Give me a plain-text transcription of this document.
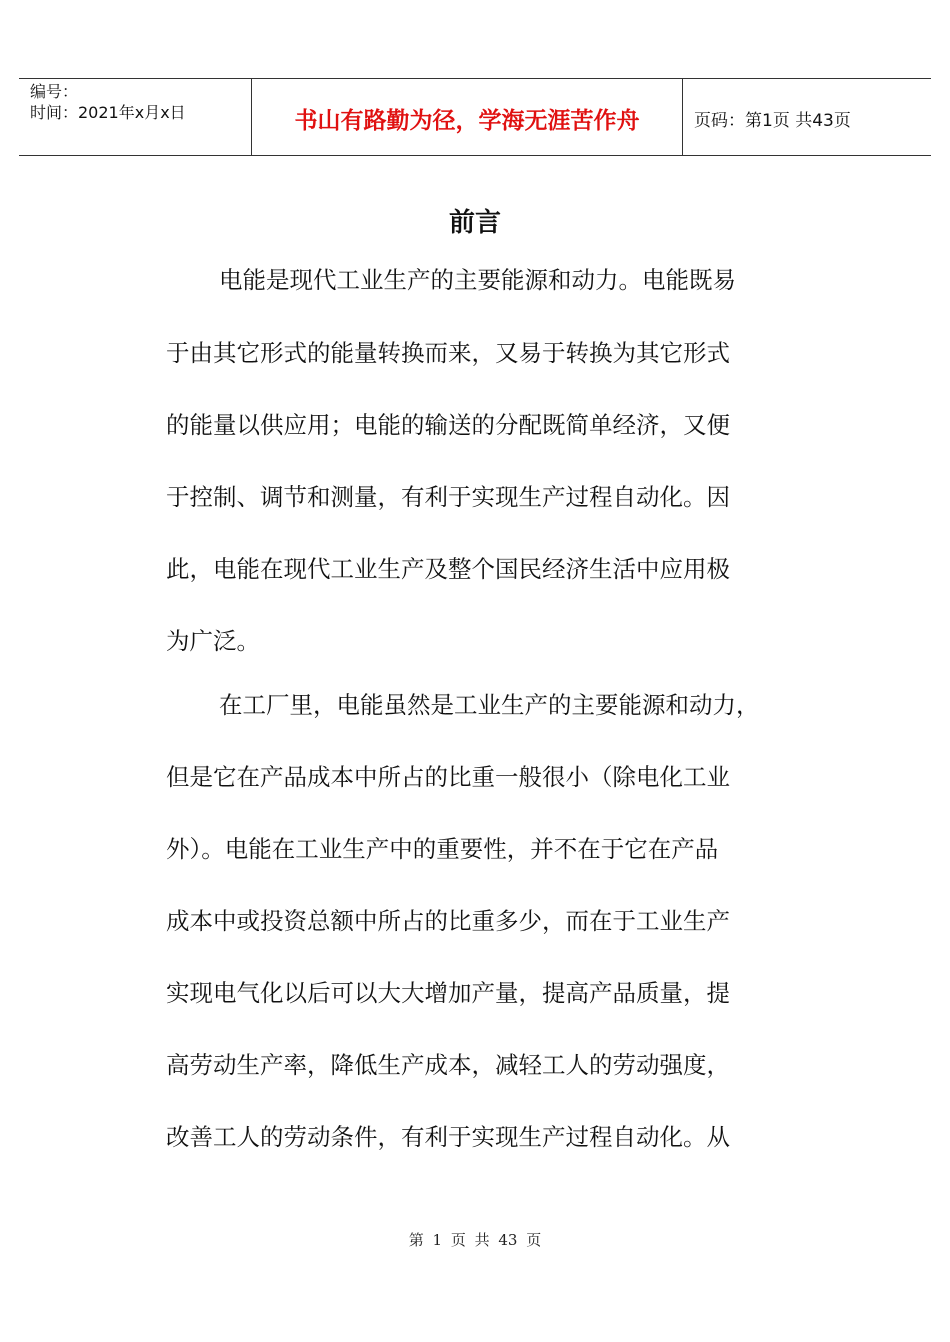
编号：
时间：2021年x月x日	书山有路勤为径，学海无涯苦作舟	页码：第1页 共43页
前言
电能是现代工业生产的主要能源和动力。电能既易
于由其它形式的能量转换而来，又易于转换为其它形式
的能量以供应用；电能的输送的分配既简单经济，又便
于控制、调节和测量，有利于实现生产过程自动化。因
此，电能在现代工业生产及整个国民经济生活中应用极
为广泛。
在工厂里，电能虽然是工业生产的主要能源和动力，
但是它在产品成本中所占的比重一般很小（除电化工业
外）。电能在工业生产中的重要性，并不在于它在产品
成本中或投资总额中所占的比重多少，而在于工业生产
实现电气化以后可以大大增加产量，提高产品质量，提
高劳动生产率，降低生产成本，减轻工人的劳动强度，
改善工人的劳动条件，有利于实现生产过程自动化。从
第 1 页 共 43 页
